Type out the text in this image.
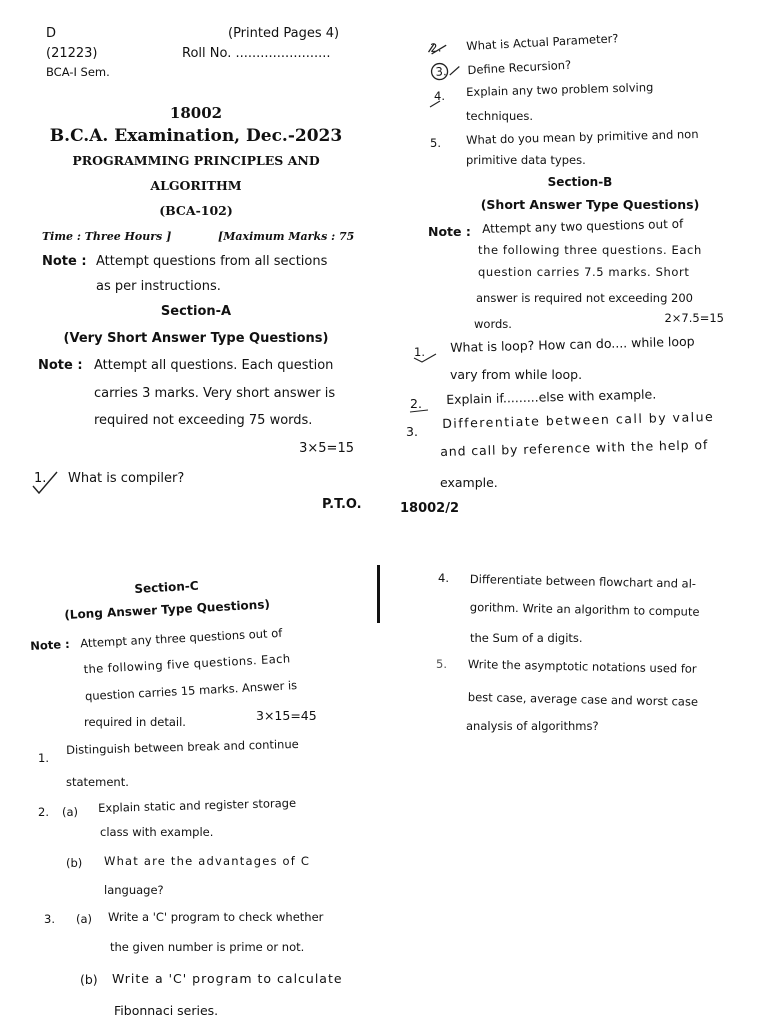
D	(Printed Pages 4)
(21223)	Roll No. .......................
BCA-I Sem.
18002
B.C.A. Examination, Dec.-2023
PROGRAMMING PRINCIPLES AND
ALGORITHM
(BCA-102)
Time : Three Hours ]	[Maximum Marks : 75
Note : Attempt questions from all sections
as per instructions.
Section-A
(Very Short Answer Type Questions)
Note : Attempt all questions. Each question
carries 3 marks. Very short answer is
required not exceeding 75 words.
3×5=15
1. What is compiler?
P.T.O.
2. What is Actual Parameter?
3. Define Recursion?
4. Explain any two problem solving
techniques.
5. What do you mean by primitive and non
primitive data types.
Section-B
(Short Answer Type Questions)
Note : Attempt any two questions out of
the following three questions. Each
question carries 7.5 marks. Short
answer is required not exceeding 200
words.	2×7.5=15
1. What is loop? How can do.... while loop
vary from while loop.
2. Explain if.........else with example.
3.
Differentiate between call by value
and call by reference with the help of
example.
18002/2
Section-C
(Long Answer Type Questions)
Note : Attempt any three questions out of
the following five questions. Each
question carries 15 marks. Answer is
required in detail.	3×15=45
1.
Distinguish between break and continue
statement.
2. (a) Explain static and register storage
class with example.
(b) What are the advantages of C
language?
3. (a) Write a 'C' program to check whether
the given number is prime or not.
(b) Write a 'C' program to calculate
Fibonnaci series.
4. Differentiate between flowchart and al-
gorithm. Write an algorithm to compute
the Sum of a digits.
5. Write the asymptotic notations used for
best case, average case and worst case
analysis of algorithms?
